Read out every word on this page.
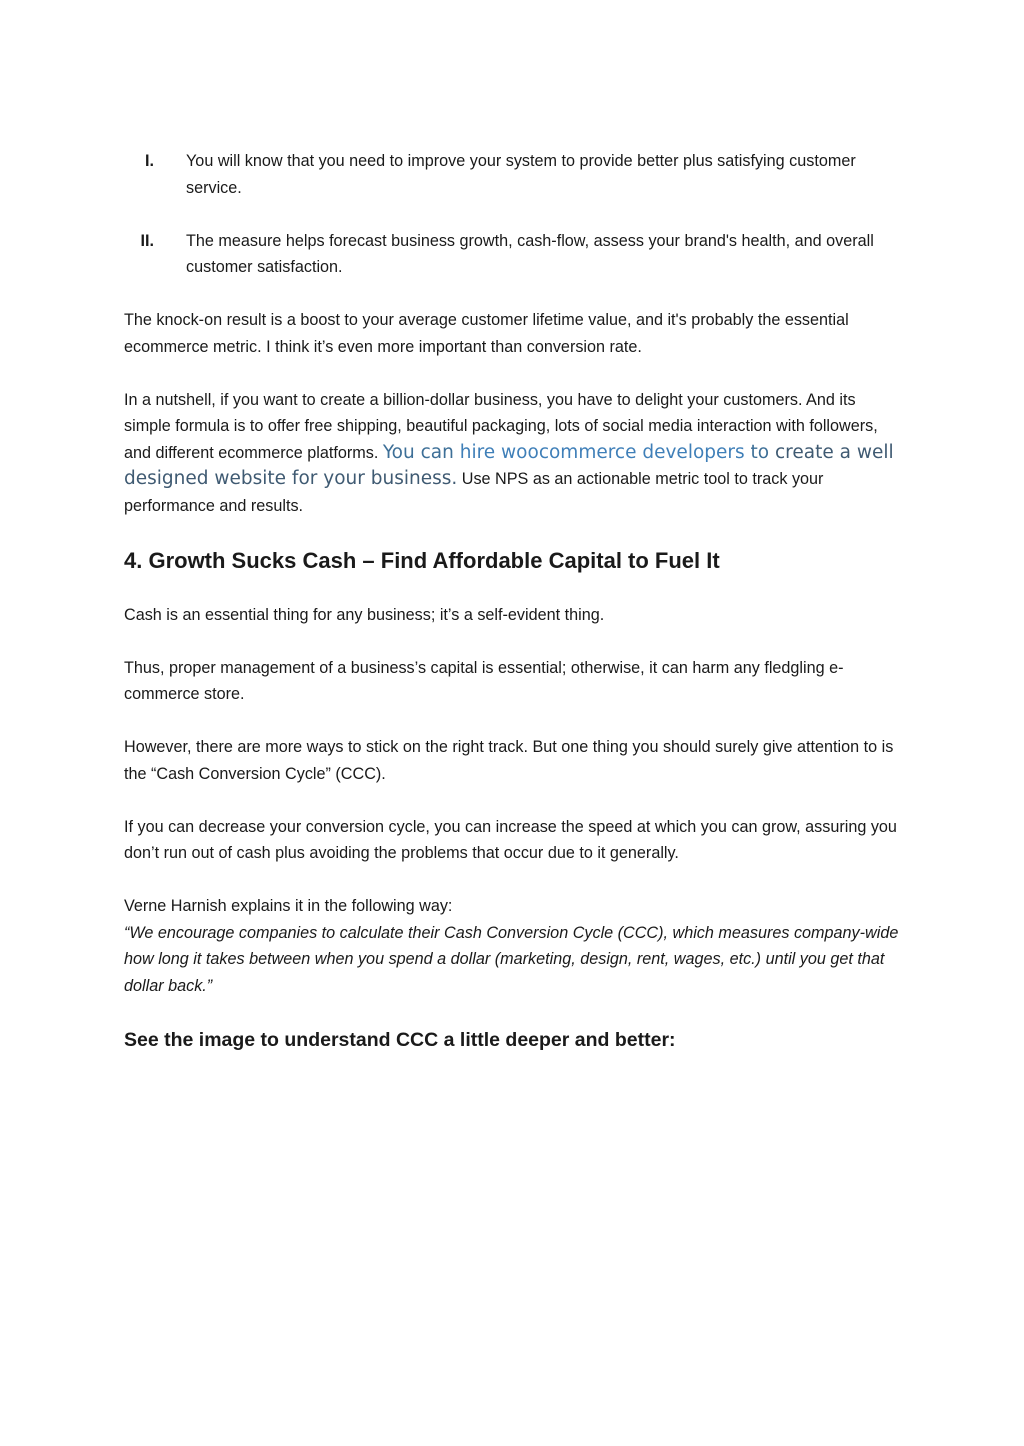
I. You will know that you need to improve your system to provide better plus satisfying customer service.
II. The measure helps forecast business growth, cash-flow, assess your brand's health, and overall customer satisfaction.

The knock-on result is a boost to your average customer lifetime value, and it's probably the essential ecommerce metric. I think it’s even more important than conversion rate.

In a nutshell, if you want to create a billion-dollar business, you have to delight your customers. And its simple formula is to offer free shipping, beautiful packaging, lots of social media interaction with followers, and different ecommerce platforms. You can hire woocommerce developers to create a well designed website for your business. Use NPS as an actionable metric tool to track your performance and results.

4. Growth Sucks Cash – Find Affordable Capital to Fuel It

Cash is an essential thing for any business; it’s a self-evident thing.

Thus, proper management of a business’s capital is essential; otherwise, it can harm any fledgling e-commerce store.

However, there are more ways to stick on the right track. But one thing you should surely give attention to is the “Cash Conversion Cycle” (CCC).

If you can decrease your conversion cycle, you can increase the speed at which you can grow, assuring you don’t run out of cash plus avoiding the problems that occur due to it generally.

Verne Harnish explains it in the following way:

“We encourage companies to calculate their Cash Conversion Cycle (CCC), which measures company-wide how long it takes between when you spend a dollar (marketing, design, rent, wages, etc.) until you get that dollar back.”

See the image to understand CCC a little deeper and better:
